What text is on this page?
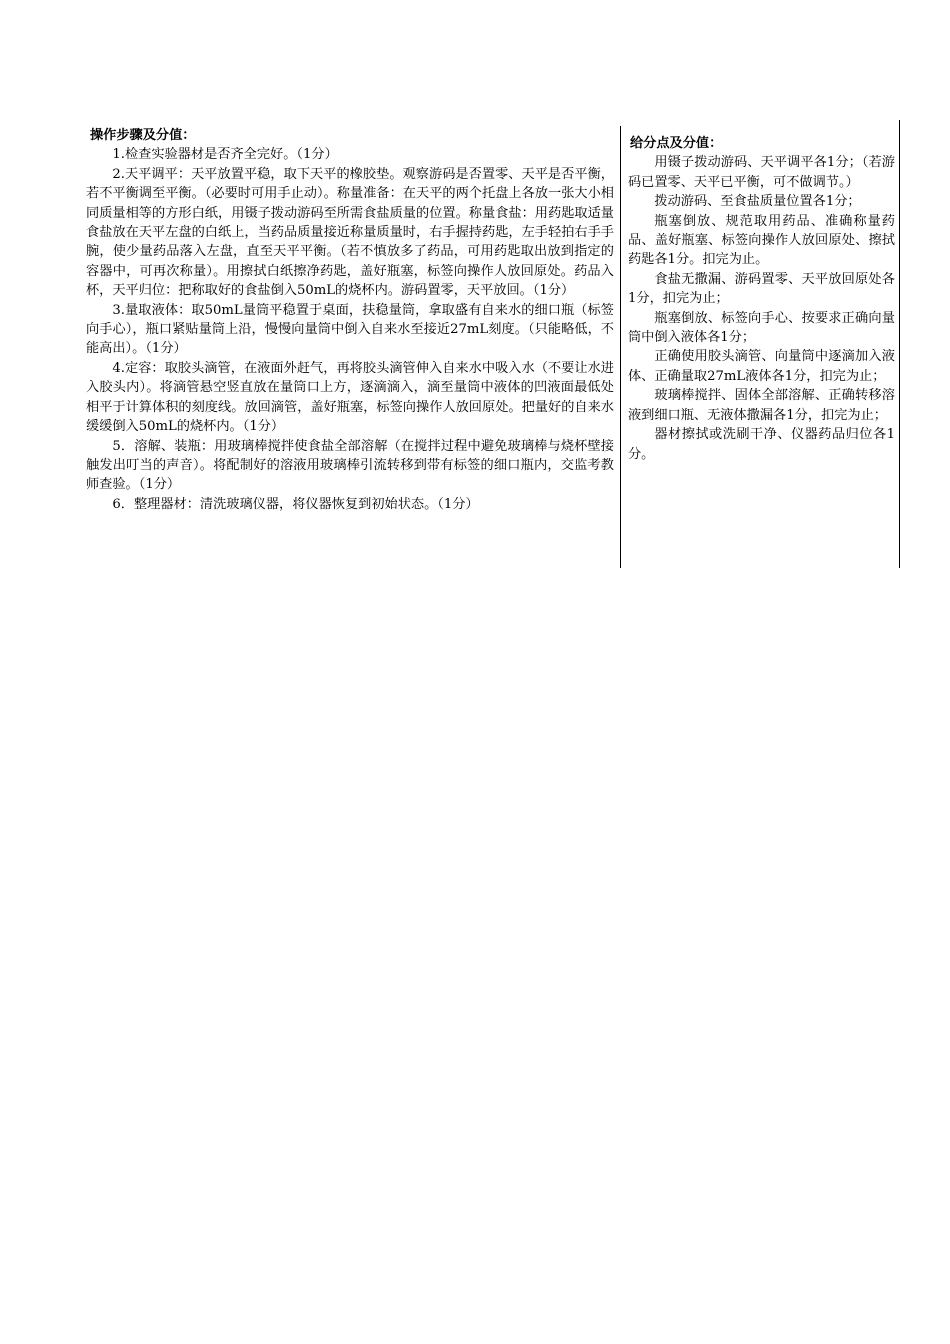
操作步骤及分值：

1.检查实验器材是否齐全完好。（1分）

2.天平调平：天平放置平稳，取下天平的橡胶垫。观察游码是否置零、天平是否平衡，若不平衡调至平衡。（必要时可用手止动）。称量准备：在天平的两个托盘上各放一张大小相同质量相等的方形白纸，用镊子拨动游码至所需食盐质量的位置。称量食盐：用药匙取适量食盐放在天平左盘的白纸上，当药品质量接近称量质量时，右手握持药匙，左手轻拍右手手腕，使少量药品落入左盘，直至天平平衡。（若不慎放多了药品，可用药匙取出放到指定的容器中，可再次称量）。用擦拭白纸擦净药匙，盖好瓶塞，标签向操作人放回原处。药品入杯，天平归位：把称取好的食盐倒入50mL的烧杯内。游码置零，天平放回。（1分）

3.量取液体：取50mL量筒平稳置于桌面，扶稳量筒，拿取盛有自来水的细口瓶（标签向手心），瓶口紧贴量筒上沿，慢慢向量筒中倒入自来水至接近27mL刻度。（只能略低，不能高出）。（1分）

4.定容：取胶头滴管，在液面外赶气，再将胶头滴管伸入自来水中吸入水（不要让水进入胶头内）。将滴管悬空竖直放在量筒口上方，逐滴滴入，滴至量筒中液体的凹液面最低处相平于计算体积的刻度线。放回滴管，盖好瓶塞，标签向操作人放回原处。把量好的自来水缓缓倒入50mL的烧杯内。（1分）

5．溶解、装瓶：用玻璃棒搅拌使食盐全部溶解（在搅拌过程中避免玻璃棒与烧杯壁接触发出叮当的声音）。将配制好的溶液用玻璃棒引流转移到带有标签的细口瓶内，交监考教师查验。（1分）

6．整理器材：清洗玻璃仪器，将仪器恢复到初始状态。（1分）

给分点及分值：

用镊子拨动游码、天平调平各1分；（若游码已置零、天平已平衡，可不做调节。）

拨动游码、至食盐质量位置各1分；

瓶塞倒放、规范取用药品、准确称量药品、盖好瓶塞、标签向操作人放回原处、擦拭药匙各1分。扣完为止。

食盐无撒漏、游码置零、天平放回原处各1分，扣完为止；

瓶塞倒放、标签向手心、按要求正确向量筒中倒入液体各1分；

正确使用胶头滴管、向量筒中逐滴加入液体、正确量取27mL液体各1分，扣完为止；

玻璃棒搅拌、固体全部溶解、正确转移溶液到细口瓶、无液体撒漏各1分，扣完为止；

器材擦拭或洗刷干净、仪器药品归位各1分。
